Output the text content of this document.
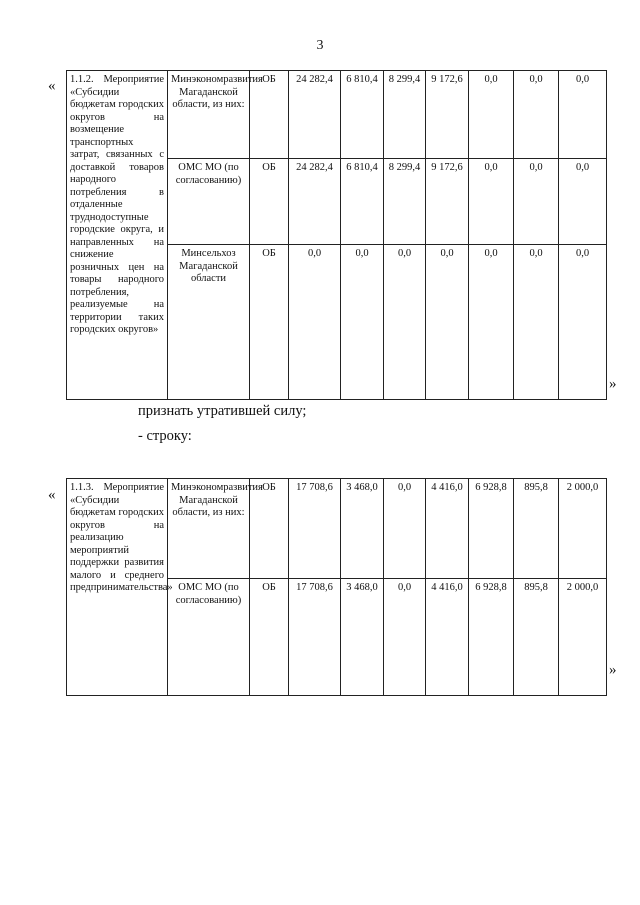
3
« 1.1.2. Мероприятие «Субсидии бюджетам городских округов на возмещение транспортных затрат, связанных с доставкой товаров народного потребления в отдаленные труднодоступные городские округа, и направленных на снижение розничных цен на товары народного потребления, реализуемые на территории таких городских округов»	Минэкономразвития Магаданской области, из них:	ОБ	24 282,4	6 810,4	8 299,4	9 172,6	0,0	0,0	0,0
	ОМС МО (по согласованию)	ОБ	24 282,4	6 810,4	8 299,4	9 172,6	0,0	0,0	0,0
	Минсельхоз Магаданской области	ОБ	0,0	0,0	0,0	0,0	0,0	0,0	0,0
»
признать утратившей силу;
- строку:
« 1.1.3. Мероприятие «Субсидии бюджетам городских округов на реализацию мероприятий поддержки развития малого и среднего предпринимательства»	Минэкономразвития Магаданской области, из них:	ОБ	17 708,6	3 468,0	0,0	4 416,0	6 928,8	895,8	2 000,0
	ОМС МО (по согласованию)	ОБ	17 708,6	3 468,0	0,0	4 416,0	6 928,8	895,8	2 000,0
»
